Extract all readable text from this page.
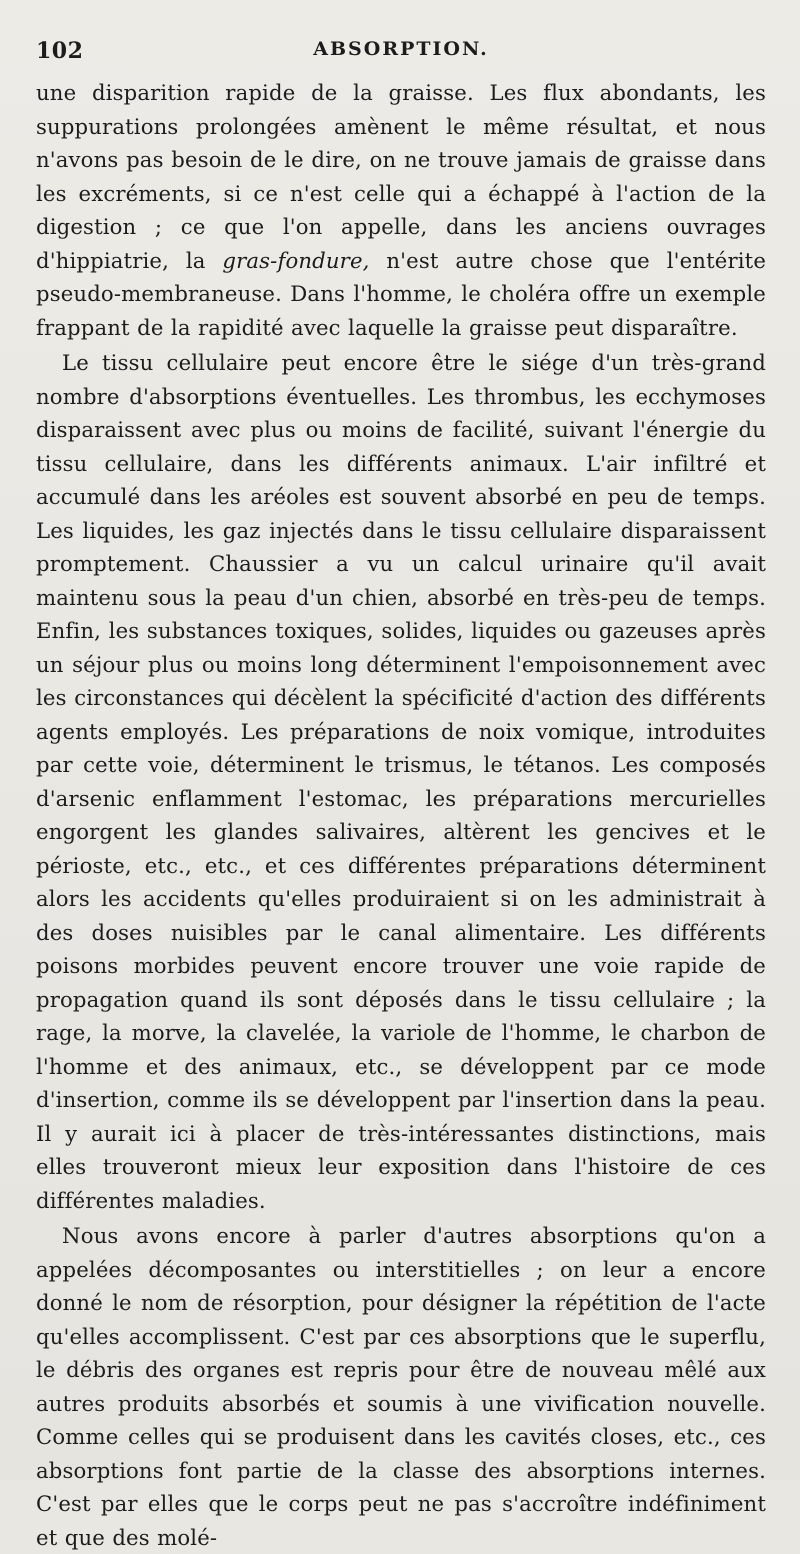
102	ABSORPTION.

une disparition rapide de la graisse. Les flux abondants, les suppurations prolongées amènent le même résultat, et nous n'avons pas besoin de le dire, on ne trouve jamais de graisse dans les excréments, si ce n'est celle qui a échappé à l'action de la digestion ; ce que l'on appelle, dans les anciens ouvrages d'hippiatrie, la gras-fondure, n'est autre chose que l'entérite pseudo-membraneuse. Dans l'homme, le choléra offre un exemple frappant de la rapidité avec laquelle la graisse peut disparaître.

Le tissu cellulaire peut encore être le siége d'un très-grand nombre d'absorptions éventuelles. Les thrombus, les ecchymoses disparaissent avec plus ou moins de facilité, suivant l'énergie du tissu cellulaire, dans les différents animaux. L'air infiltré et accumulé dans les aréoles est souvent absorbé en peu de temps. Les liquides, les gaz injectés dans le tissu cellulaire disparaissent promptement. Chaussier a vu un calcul urinaire qu'il avait maintenu sous la peau d'un chien, absorbé en très-peu de temps. Enfin, les substances toxiques, solides, liquides ou gazeuses après un séjour plus ou moins long déterminent l'empoisonnement avec les circonstances qui décèlent la spécificité d'action des différents agents employés. Les préparations de noix vomique, introduites par cette voie, déterminent le trismus, le tétanos. Les composés d'arsenic enflamment l'estomac, les préparations mercurielles engorgent les glandes salivaires, altèrent les gencives et le périoste, etc., etc., et ces différentes préparations déterminent alors les accidents qu'elles produiraient si on les administrait à des doses nuisibles par le canal alimentaire. Les différents poisons morbides peuvent encore trouver une voie rapide de propagation quand ils sont déposés dans le tissu cellulaire ; la rage, la morve, la clavelée, la variole de l'homme, le charbon de l'homme et des animaux, etc., se développent par ce mode d'insertion, comme ils se développent par l'insertion dans la peau. Il y aurait ici à placer de très-intéressantes distinctions, mais elles trouveront mieux leur exposition dans l'histoire de ces différentes maladies.

Nous avons encore à parler d'autres absorptions qu'on a appelées décomposantes ou interstitielles ; on leur a encore donné le nom de résorption, pour désigner la répétition de l'acte qu'elles accomplissent. C'est par ces absorptions que le superflu, le débris des organes est repris pour être de nouveau mêlé aux autres produits absorbés et soumis à une vivification nouvelle. Comme celles qui se produisent dans les cavités closes, etc., ces absorptions font partie de la classe des absorptions internes. C'est par elles que le corps peut ne pas s'accroître indéfiniment et que des molé-
